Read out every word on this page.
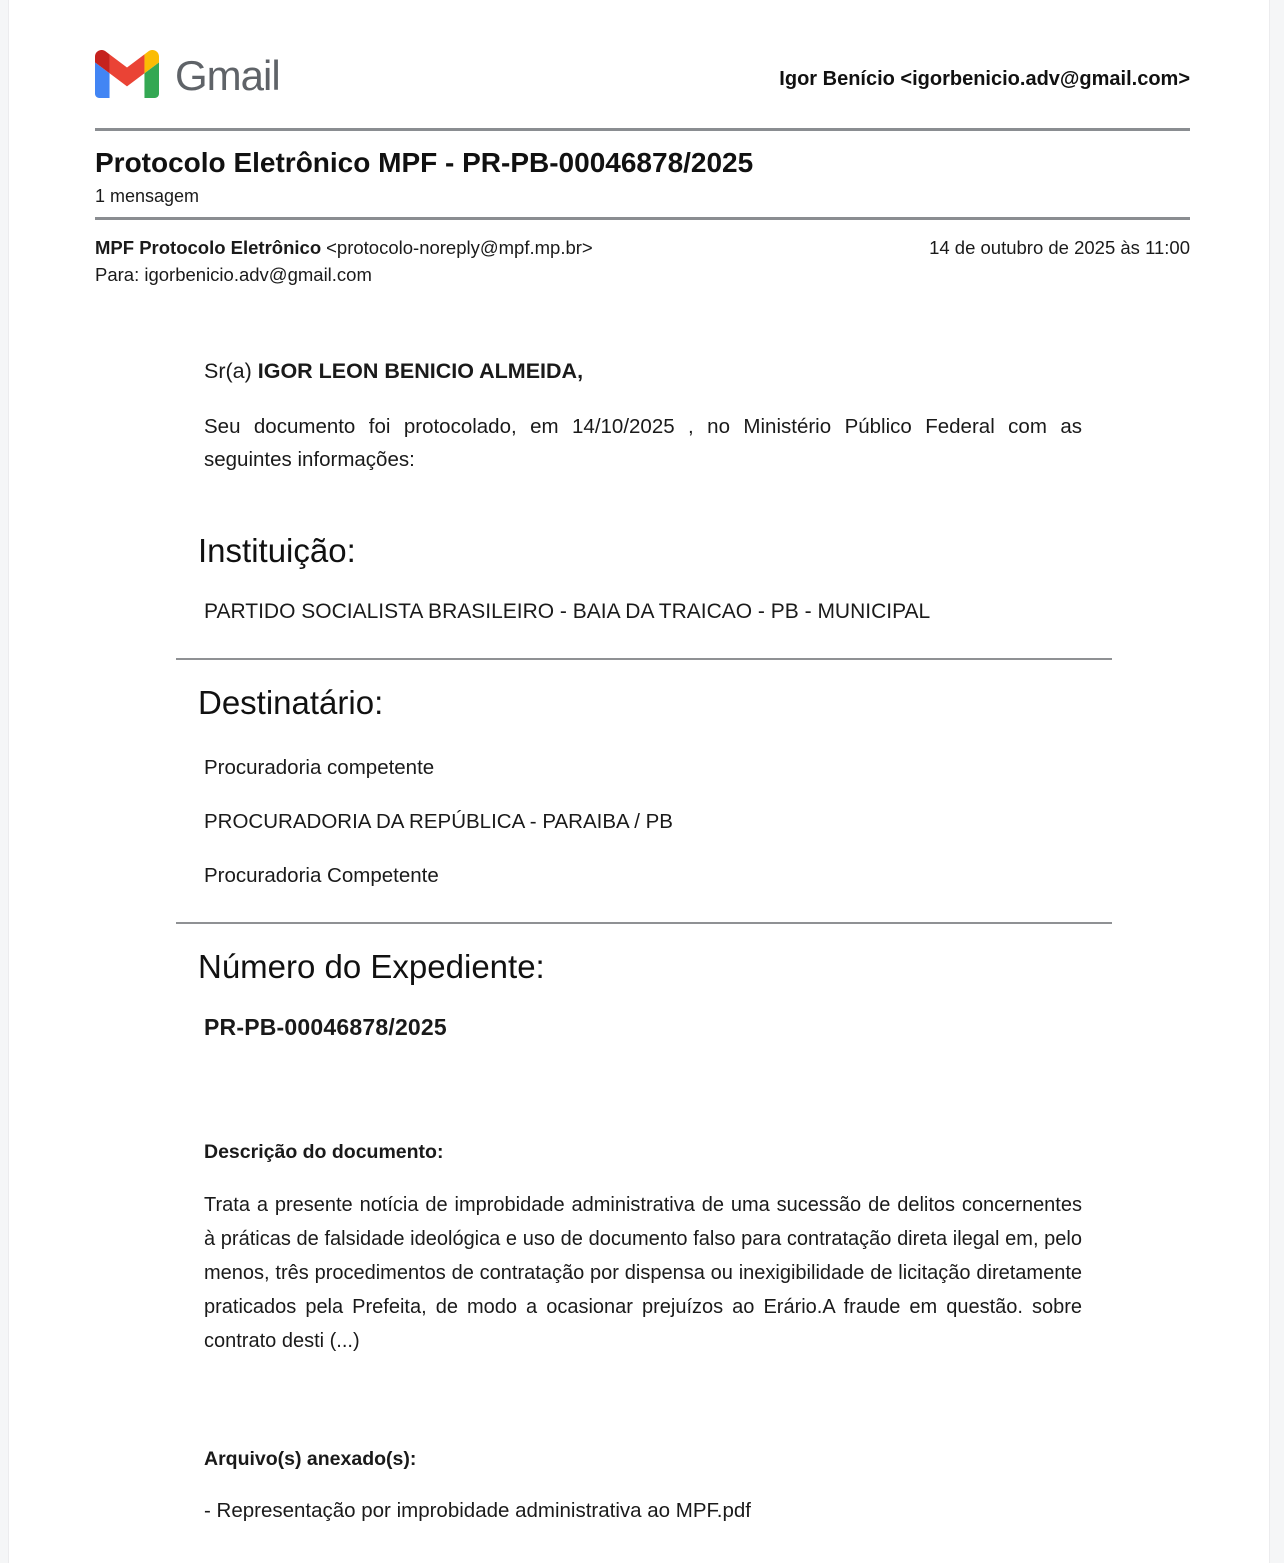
Gmail	Igor Benício <igorbenicio.adv@gmail.com>
Protocolo Eletrônico MPF - PR-PB-00046878/2025
1 mensagem
MPF Protocolo Eletrônico <protocolo-noreply@mpf.mp.br>
Para: igorbenicio.adv@gmail.com
14 de outubro de 2025 às 11:00

Sr(a) IGOR LEON BENICIO ALMEIDA,

Seu documento foi protocolado, em 14/10/2025 , no Ministério Público Federal com as seguintes informações:

Instituição:

PARTIDO SOCIALISTA BRASILEIRO - BAIA DA TRAICAO - PB - MUNICIPAL

Destinatário:

Procuradoria competente

PROCURADORIA DA REPÚBLICA - PARAIBA / PB

Procuradoria Competente

Número do Expediente:

PR-PB-00046878/2025

Descrição do documento:

Trata a presente notícia de improbidade administrativa de uma sucessão de delitos concernentes à práticas de falsidade ideológica e uso de documento falso para contratação direta ilegal em, pelo menos, três procedimentos de contratação por dispensa ou inexigibilidade de licitação diretamente praticados pela Prefeita, de modo a ocasionar prejuízos ao Erário.A fraude em questão. sobre contrato desti (...)

Arquivo(s) anexado(s):

- Representação por improbidade administrativa ao MPF.pdf
